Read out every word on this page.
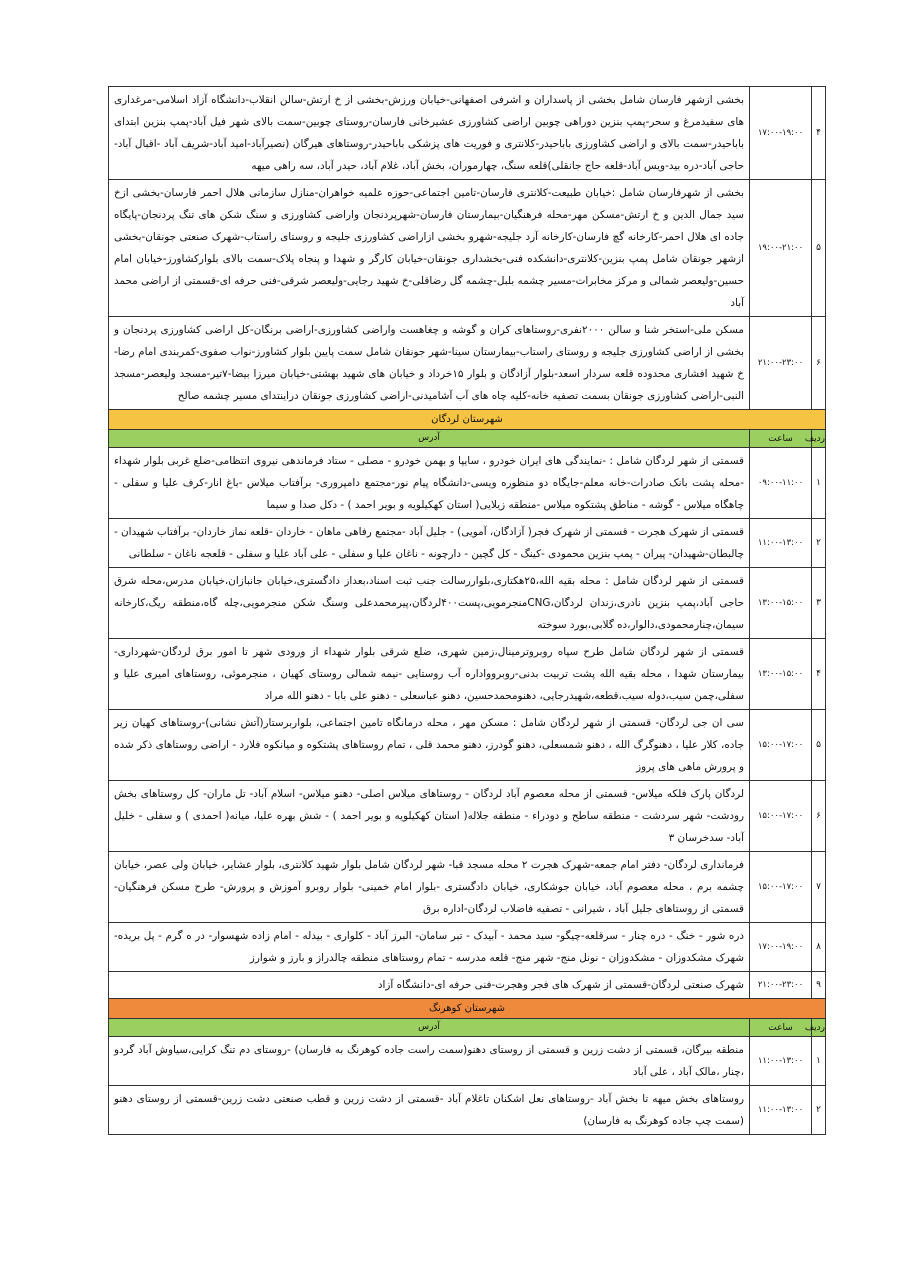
۴	۱۷:۰۰-۱۹:۰۰	بخشی ازشهر فارسان شامل بخشی از پاسداران و اشرفی اصفهانی-خیابان ورزش-بخشی از خ ارتش-سالن انقلاب-دانشگاه آزاد اسلامی-مرغداری های سفیدمرغ و سحر-پمپ بنزین دوراهی چوبین اراضی کشاورزی عشیرخانی فارسان-روستای چوبین-سمت بالای شهر فیل آباد-پمپ بنزین ابتدای باباحیدر-سمت بالای و اراضی کشاورزی باباحیدر-کلانتری و فوریت های پزشکی باباحیدر-روستاهای هیرگان (نصیرآباد-امید آباد-شریف آباد -اقبال آباد-حاجی آباد-دره بید-ویس آباد-قلعه حاج جانقلی)قلعه سنگ، چهارموران، بخش آباد، غلام آباد، حیدر آباد، سه راهی میهه
۵	۱۹:۰۰-۲۱:۰۰	بخشی از شهرفارسان شامل :خیابان طبیعت-کلانتری فارسان-تامین اجتماعی-حوزه علمیه خواهران-منازل سازمانی هلال احمر فارسان-بخشی ازخ سید جمال الدین و خ ارتش-مسکن مهر-محله فرهنگیان-بیمارستان فارسان-شهرپردنجان واراضی کشاورزی و سنگ شکن های تنگ پردنجان-پایگاه جاده ای هلال احمر-کارخانه گچ فارسان-کارخانه آرد جلیجه-شهرو بخشی ازاراضی کشاورزی جلیجه و روستای راستاب-شهرک صنعتی جونقان-بخشی ازشهر جونقان شامل پمپ بنزین-کلانتری-دانشکده فنی-بخشداری جونقان-خیابان کارگر و شهدا و پنجاه پلاک-سمت بالای بلوارکشاورز-خیابان امام حسین-ولیعصر شمالی و مرکز مخابرات-مسیر چشمه بلبل-چشمه گل رضاقلی-خ شهید رجایی-ولیعصر شرقی-فنی حرفه ای-قسمتی از اراضی محمد آباد
۶	۲۱:۰۰-۲۳:۰۰	مسکن ملی-استخر شنا و سالن ۲۰۰۰نفری-روستاهای کران و گوشه و چغاهست واراضی کشاورزی-اراضی برنگان-کل اراضی کشاورزی پردنجان و بخشی از اراضی کشاورزی جلیجه و روستای راستاب-بیمارستان سینا-شهر جونقان شامل سمت پایین بلوار کشاورز-نواب صفوی-کمربندی امام رضا-خ شهید افشاری محدوده قلعه سردار اسعد-بلوار آزادگان و بلوار ۱۵خرداد و خیابان های شهید بهشتی-خیابان میرزا بیضا-۷تیر-مسجد ولیعصر-مسجد النبی-اراضی کشاورزی جونقان بسمت تصفیه خانه-کلیه چاه های آب آشامیدنی-اراضی کشاورزی جونقان دراینتدای مسیر چشمه صالح
شهرستان لردگان		
ردیف	ساعت	آدرس
۱	۰۹:۰۰-۱۱:۰۰	قسمتی از شهر لردگان شامل : -نمایندگی های ایران خودرو ، سایپا و بهمن خودرو - مصلی - ستاد فرماندهی نیروی انتظامی-ضلع غربی بلوار شهداء -محله پشت بانک صادرات-خانه معلم-جایگاه دو منظوره ویسی-دانشگاه پیام نور-مجتمع دامپروری- برآفتاب میلاس -باغ انار-کرف علیا و سفلی - چاهگاه میلاس - گوشه - مناطق پشتکوه میلاس -منطقه زیلایی( استان کهکیلویه و بویر احمد ) - دکل صدا و سیما
۲	۱۱:۰۰-۱۳:۰۰	قسمتی از شهرک هجرت - قسمتی از شهرک فجر( آزادگان، آمویی) - جلیل آباد -مجتمع رفاهی ماهان - خاردان -قلعه نماز خاردان- برآفتاب شهیدان - چالبطان-شهیدان- پیران - پمپ بنزین محمودی -کینگ - کل گچین - دارچونه - ناغان علیا و سفلی - علی آباد علیا و سفلی - قلعجه ناغان - سلطانی
۳	۱۳:۰۰-۱۵:۰۰	قسمتی از شهر لردگان شامل : محله بقیه الله،۲۵هکتاری،بلواررسالت جنب ثبت اسناد،بعداز دادگستری،خیابان جانبازان،خیابان مدرس،محله شرق حاجی آباد،پمپ بنزین نادری،زندان لردگان،CNGمنجرمویی،پست۴۰۰لردگان،پیرمحمدعلی وسنگ شکن منجرمویی،چله گاه،منطقه ریگ،کارخانه سیمان،چنارمحمودی،دالوار،ده گلابی،بورد سوخته
۴	۱۳:۰۰-۱۵:۰۰	قسمتی از شهر لردگان شامل طرح سپاه روبروترمینال،زمین شهری، ضلع شرقی بلوار شهداء از ورودی شهر تا امور برق لردگان-شهرداری- بیمارستان شهدا ، محله بقیه الله پشت تربیت بدنی-روبروواداره آب روستایی -نیمه شمالی روستای کهیان ، منجرموئی، روستاهای امیری علیا و سفلی،چمن سیب،دوله سیب،قطعه،شهیدرجایی، دهنومحمدحسین، دهنو عباسعلی - دهنو علی بابا - دهنو الله مراد
۵	۱۵:۰۰-۱۷:۰۰	سی ان جی لردگان- قسمتی از شهر لردگان شامل : مسکن مهر ، محله درمانگاه تامین اجتماعی، بلواربرستار(آتش نشانی)-روستاهای کهیان زیر جاده، کلار علیا ، دهنوگرگ الله ، دهنو شمسعلی، دهنو گودرز، دهنو محمد قلی ، تمام روستاهای پشتکوه و میانکوه فلارد - اراضی روستاهای ذکر شده و پرورش ماهی های پروز
۶	۱۵:۰۰-۱۷:۰۰	لردگان پارک فلکه میلاس- قسمتی از محله معصوم آباد لردگان - روستاهای میلاس اصلی- دهنو میلاس- اسلام آباد- تل ماران- کل روستاهای بخش رودشت- شهر سردشت - منطقه ساطح و دودراء - منطقه جلاله( استان کهکیلویه و بویر احمد ) - شش بهره علیا، میانه( احمدی ) و سفلی - خلیل آباد- سدخرسان ۳
۷	۱۵:۰۰-۱۷:۰۰	فرمانداری لردگان- دفتر امام جمعه-شهرک هجرت ۲ محله مسجد قبا- شهر لردگان شامل بلوار شهید کلانتری، بلوار عشایر، خیابان ولی عصر، خیابان چشمه برم ، محله معصوم آباد، خیابان جوشکاری، خیابان دادگستری -بلوار امام خمینی- بلوار روبرو آموزش و پرورش- طرح مسکن فرهنگیان-قسمتی از روستاهای جلیل آباد ، شیرانی - تصفیه فاضلاب لردگان-اداره برق
۸	۱۷:۰۰-۱۹:۰۰	دره شور - خنگ - دره چنار - سرقلعه-چیگو- سید محمد - آبیدک - تبر سامان- البرز آباد - کلواری - بیدله - امام زاده شهسوار- در ه گرم - پل بریده- شهرک مشکدوزان - مشکدوزان - نونل منج- شهر منج- قلعه مدرسه - تمام روستاهای منطقه چالدراز و بارز و شوارز
۹	۲۱:۰۰-۲۳:۰۰	شهرک صنعتی لردگان-قسمتی از شهرک های فجر وهجرت-فنی حرفه ای-دانشگاه آزاد
شهرستان کوهرنگ		
ردیف	ساعت	آدرس
۱	۱۱:۰۰-۱۳:۰۰	منطقه بیرگان، قسمتی از دشت زرین و قسمتی از روستای دهنو(سمت راست جاده کوهرنگ به فارسان) -روستای دم تنگ کرایی،سیاوش آباد گردو ،چنار ،مالک آباد ، علی آباد
۲	۱۱:۰۰-۱۳:۰۰	روستاهای بخش میهه تا بخش آباد -روستاهای نعل اشکنان تاغلام آباد -قسمتی از دشت زرین و قطب صنعتی دشت زرین-قسمتی از روستای دهنو (سمت چپ جاده کوهرنگ به فارسان)
